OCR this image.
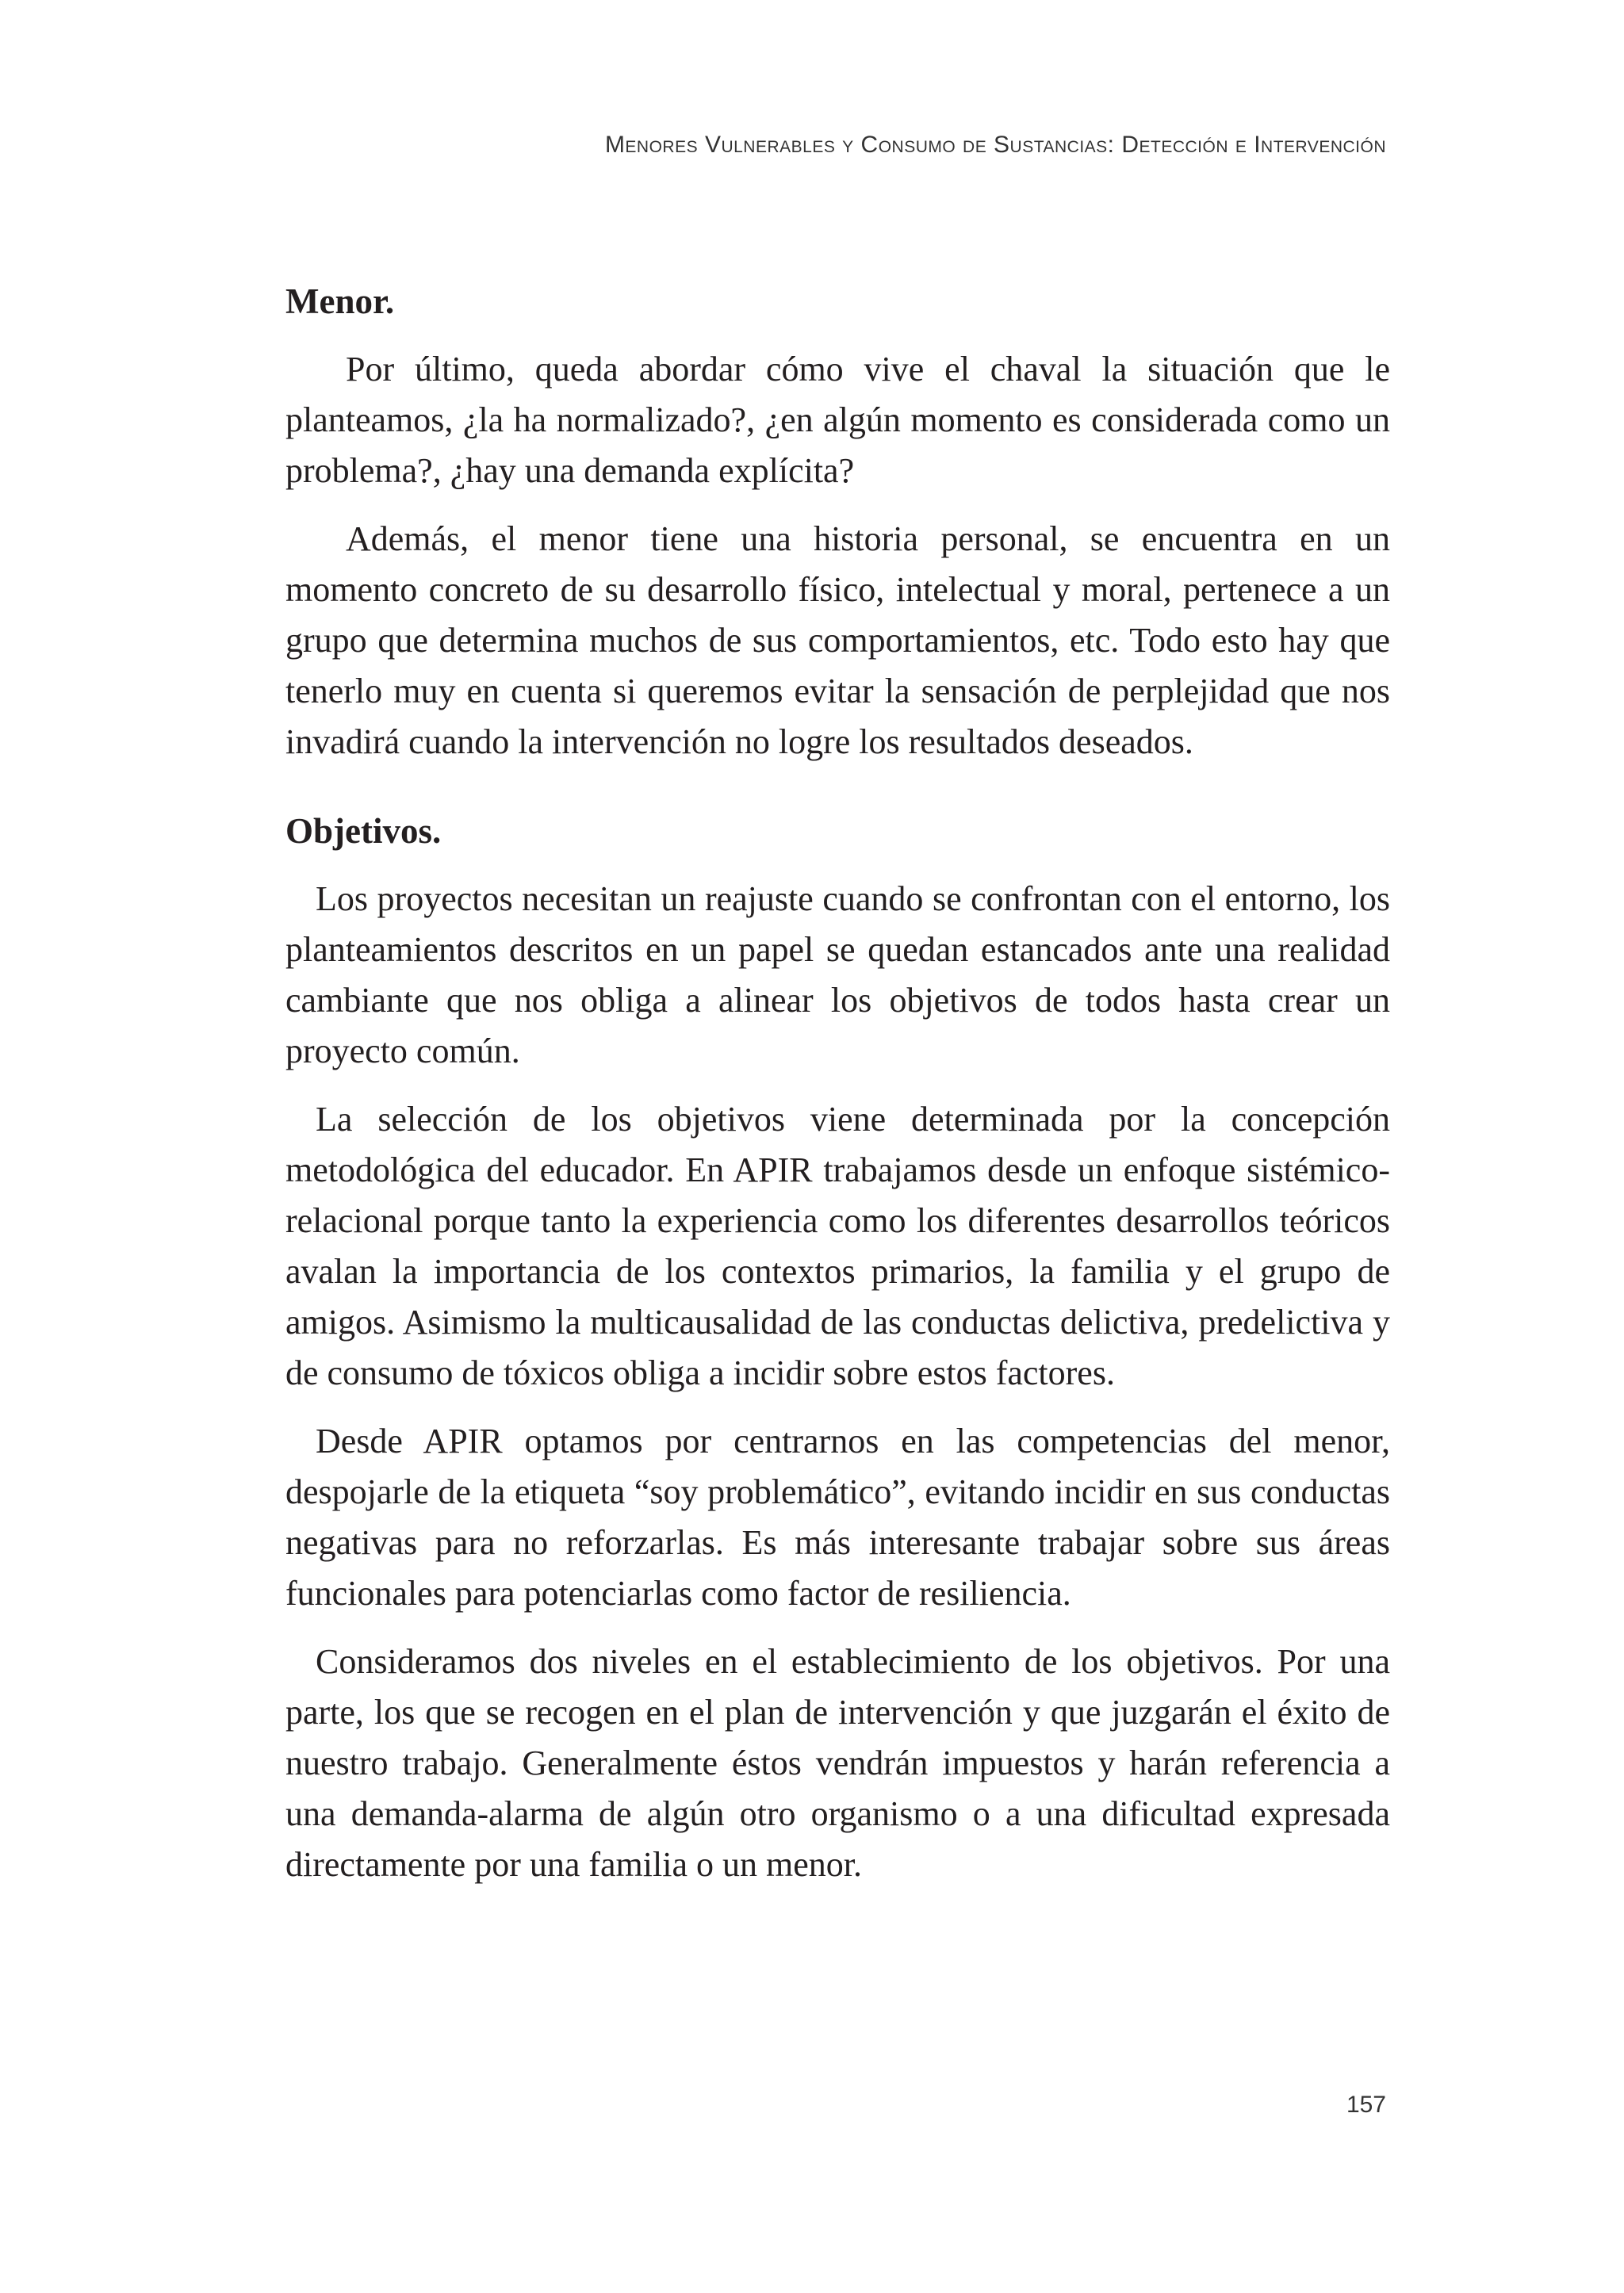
Menores Vulnerables y Consumo de Sustancias: Detección e Intervención
Menor.

Por último, queda abordar cómo vive el chaval la situación que le planteamos, ¿la ha normalizado?, ¿en algún momento es considerada como un problema?, ¿hay una demanda explícita?

Además, el menor tiene una historia personal, se encuentra en un momento concreto de su desarrollo físico, intelectual y moral, pertenece a un grupo que determina muchos de sus comportamientos, etc. Todo esto hay que tenerlo muy en cuenta si queremos evitar la sensación de perplejidad que nos invadirá cuando la intervención no logre los resultados deseados.

Objetivos.

Los proyectos necesitan un reajuste cuando se confrontan con el entorno, los planteamientos descritos en un papel se quedan estancados ante una realidad cambiante que nos obliga a alinear los objetivos de todos hasta crear un proyecto común.

La selección de los objetivos viene determinada por la concepción metodológica del educador. En APIR trabajamos desde un enfoque sistémico-relacional porque tanto la experiencia como los diferentes desarrollos teóricos avalan la importancia de los contextos primarios, la familia y el grupo de amigos. Asimismo la multicausalidad de las conductas delictiva, predelictiva y de consumo de tóxicos obliga a incidir sobre estos factores.

Desde APIR optamos por centrarnos en las competencias del menor, despojarle de la etiqueta “soy problemático”, evitando incidir en sus conductas negativas para no reforzarlas. Es más interesante trabajar sobre sus áreas funcionales para potenciarlas como factor de resiliencia.

Consideramos dos niveles en el establecimiento de los objetivos. Por una parte, los que se recogen en el plan de intervención y que juzgarán el éxito de nuestro trabajo. Generalmente éstos vendrán impuestos y harán referencia a una demanda-alarma de algún otro organismo o a una dificultad expresada directamente por una familia o un menor.

157
